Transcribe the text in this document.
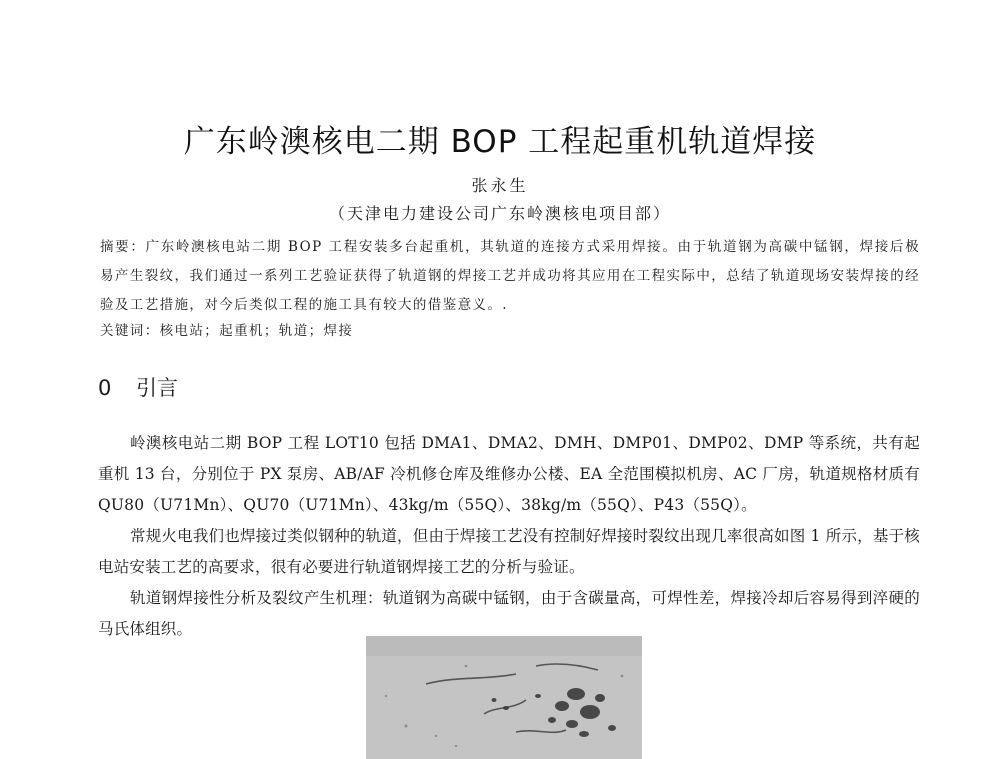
广东岭澳核电二期 BOP 工程起重机轨道焊接
张永生
（天津电力建设公司广东岭澳核电项目部）

摘要：广东岭澳核电站二期 BOP 工程安装多台起重机，其轨道的连接方式采用焊接。由于轨道钢为高碳中锰钢，焊接后极易产生裂纹，我们通过一系列工艺验证获得了轨道钢的焊接工艺并成功将其应用在工程实际中，总结了轨道现场安装焊接的经验及工艺措施，对今后类似工程的施工具有较大的借鉴意义。.

关键词：核电站；起重机；轨道；焊接

0 引言

岭澳核电站二期 BOP 工程 LOT10 包括 DMA1、DMA2、DMH、DMP01、DMP02、DMP 等系统，共有起重机 13 台，分别位于 PX 泵房、AB/AF 冷机修仓库及维修办公楼、EA 全范围模拟机房、AC 厂房，轨道规格材质有 QU80（U71Mn）、QU70（U71Mn）、43kg/m（55Q）、38kg/m（55Q）、P43（55Q）。

常规火电我们也焊接过类似钢种的轨道，但由于焊接工艺没有控制好焊接时裂纹出现几率很高如图 1 所示，基于核电站安装工艺的高要求，很有必要进行轨道钢焊接工艺的分析与验证。

轨道钢焊接性分析及裂纹产生机理：轨道钢为高碳中锰钢，由于含碳量高，可焊性差，焊接冷却后容易得到淬硬的马氏体组织。
